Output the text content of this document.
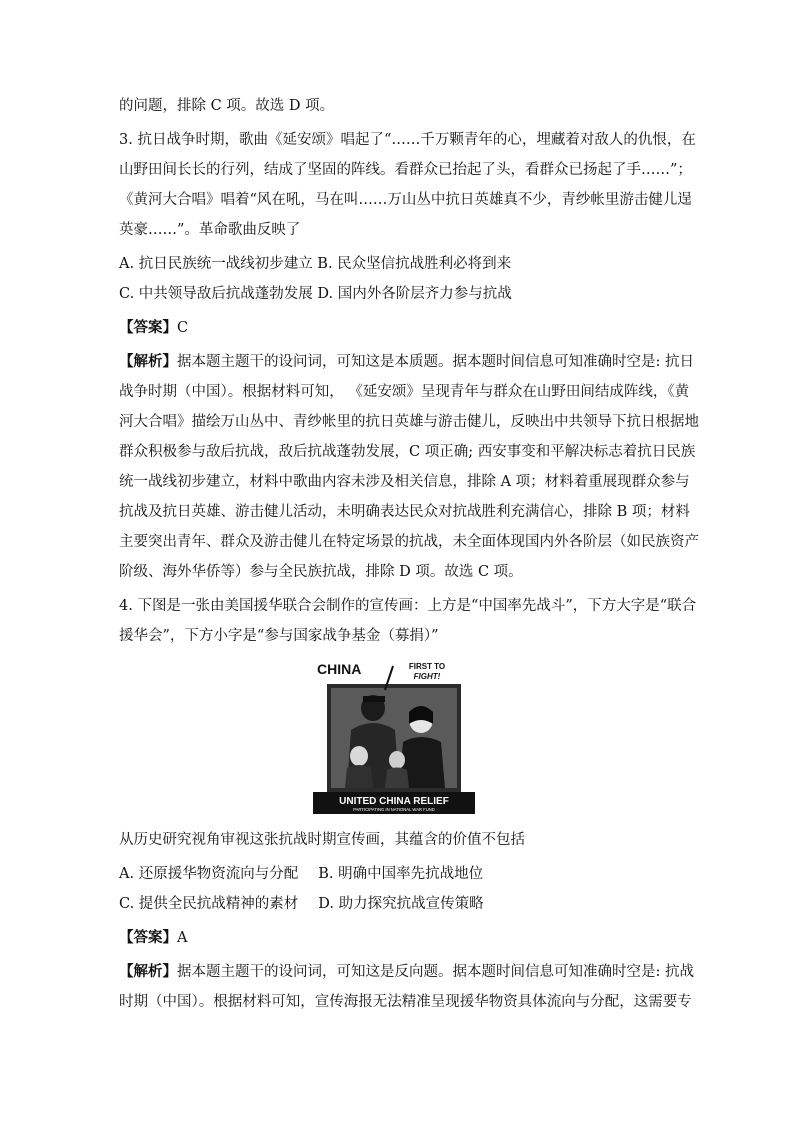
的问题，排除 C 项。故选 D 项。

3. 抗日战争时期，歌曲《延安颂》唱起了“……千万颗青年的心，埋藏着对敌人的仇恨，在

山野田间长长的行列，结成了坚固的阵线。看群众已抬起了头，看群众已扬起了手……”；

《黄河大合唱》唱着“风在吼，马在叫……万山丛中抗日英雄真不少，青纱帐里游击健儿逞

英豪……”。革命歌曲反映了

A. 抗日民族统一战线初步建立 B. 民众坚信抗战胜利必将到来

C. 中共领导敌后抗战蓬勃发展 D. 国内外各阶层齐力参与抗战

【答案】C

【解析】据本题主题干的设问词，可知这是本质题。据本题时间信息可知准确时空是: 抗日

战争时期（中国）。根据材料可知， 《延安颂》呈现青年与群众在山野田间结成阵线，《黄

河大合唱》描绘万山丛中、青纱帐里的抗日英雄与游击健儿，反映出中共领导下抗日根据地

群众积极参与敌后抗战，敌后抗战蓬勃发展，C 项正确; 西安事变和平解决标志着抗日民族

统一战线初步建立，材料中歌曲内容未涉及相关信息，排除 A 项；材料着重展现群众参与

抗战及抗日英雄、游击健儿活动，未明确表达民众对抗战胜利充满信心，排除 B 项；材料

主要突出青年、群众及游击健儿在特定场景的抗战，未全面体现国内外各阶层（如民族资产

阶级、海外华侨等）参与全民族抗战，排除 D 项。故选 C 项。

4. 下图是一张由美国援华联合会制作的宣传画：上方是“中国率先战斗”，下方大字是“联合

援华会”，下方小字是“参与国家战争基金（募捐）”

CHINA	FIRST TO
FIGHT!
UNITED CHINA RELIEF
PARTICIPATING IN NATIONAL WAR FUND

从历史研究视角审视这张抗战时期宣传画，其蕴含的价值不包括

A. 还原援华物资流向与分配 B. 明确中国率先抗战地位

C. 提供全民抗战精神的素材 D. 助力探究抗战宣传策略

【答案】A

【解析】据本题主题干的设问词，可知这是反向题。据本题时间信息可知准确时空是: 抗战

时期（中国）。根据材料可知，宣传海报无法精准呈现援华物资具体流向与分配，这需要专
